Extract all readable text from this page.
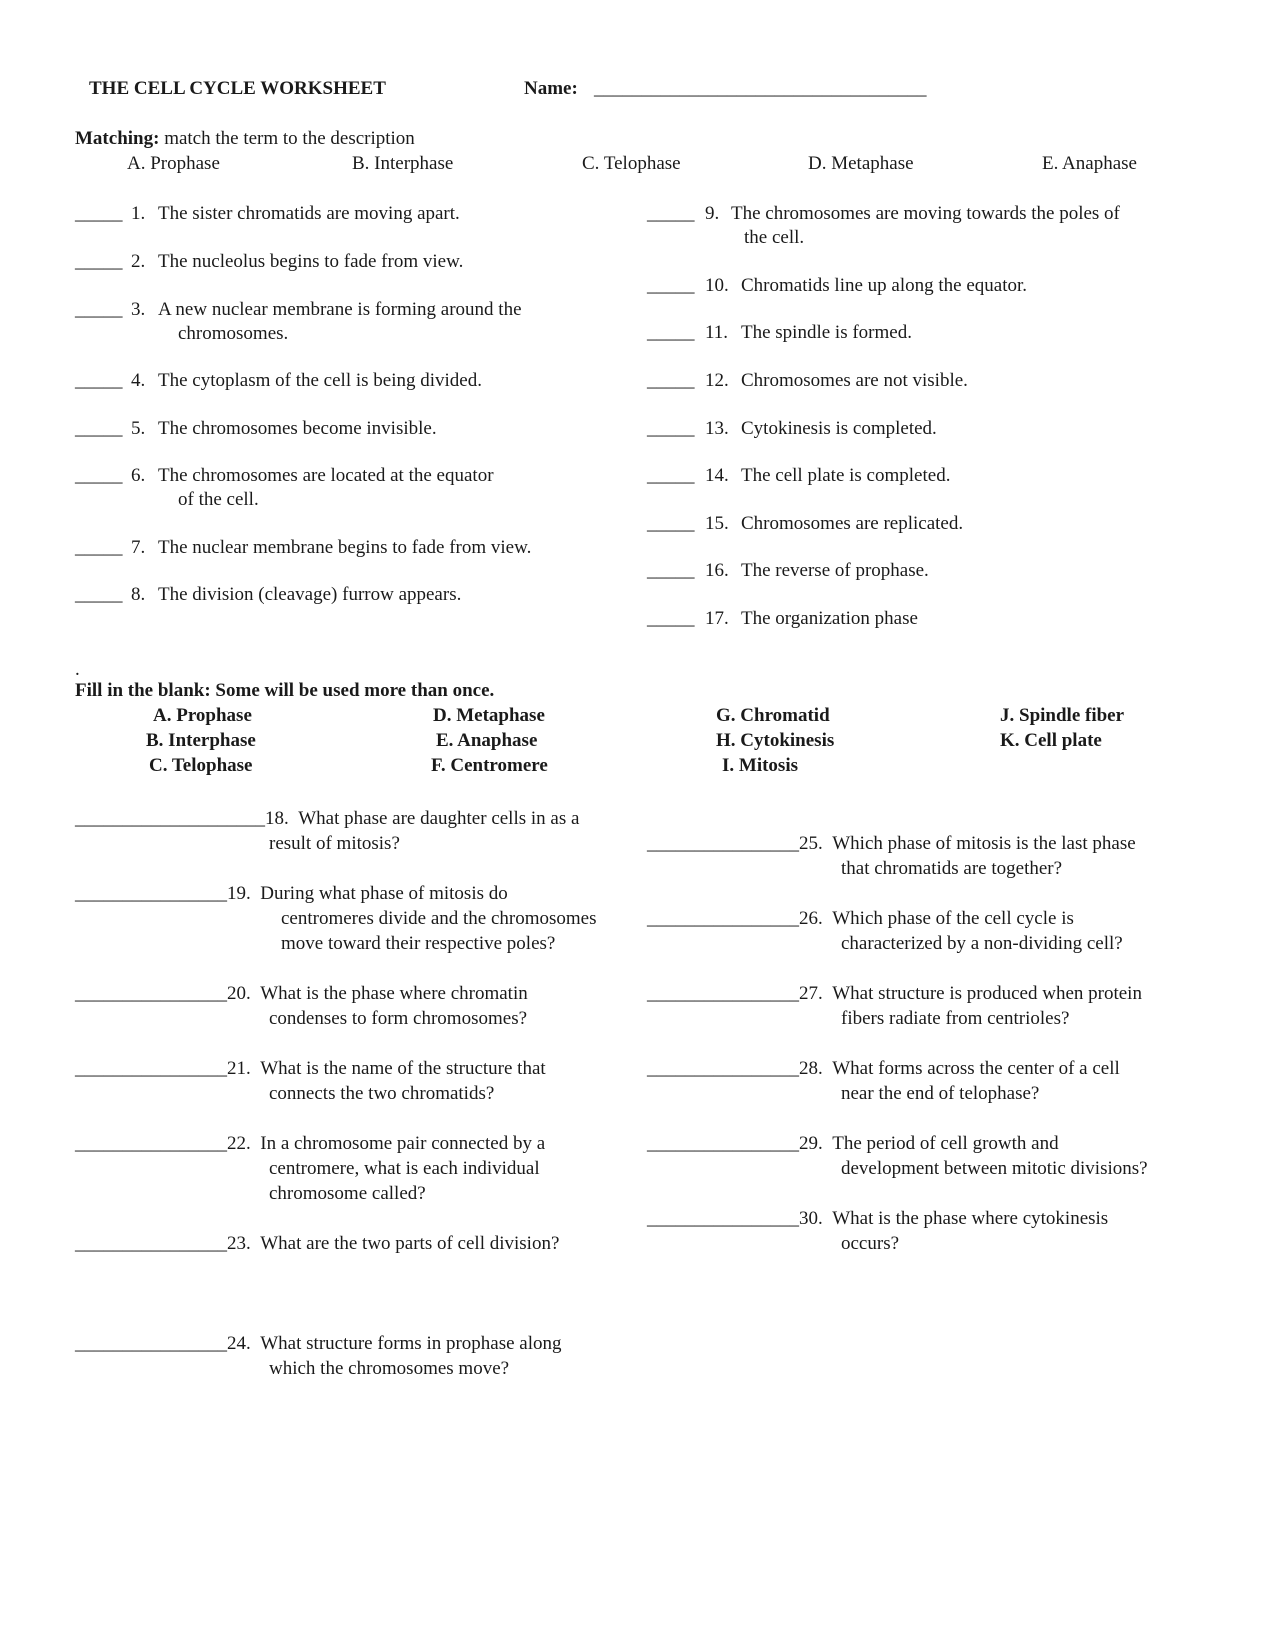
THE CELL CYCLE WORKSHEET	Name: ___________________________________
Matching: match the term to the description
A. Prophase	B. Interphase	C. Telophase	D. Metaphase	E. Anaphase
_____ 1. The sister chromatids are moving apart.
_____ 2. The nucleolus begins to fade from view.
_____ 3. A new nuclear membrane is forming around the
chromosomes.
_____ 4. The cytoplasm of the cell is being divided.
_____ 5. The chromosomes become invisible.
_____ 6. The chromosomes are located at the equator
of the cell.
_____ 7. The nuclear membrane begins to fade from view.
_____ 8. The division (cleavage) furrow appears.
_____ 9. The chromosomes are moving towards the poles of
the cell.
_____ 10. Chromatids line up along the equator.
_____ 11. The spindle is formed.
_____ 12. Chromosomes are not visible.
_____ 13. Cytokinesis is completed.
_____ 14. The cell plate is completed.
_____ 15. Chromosomes are replicated.
_____ 16. The reverse of prophase.
_____ 17. The organization phase
.
Fill in the blank: Some will be used more than once.
A. Prophase
B. Interphase
C. Telophase
D. Metaphase
E. Anaphase
F. Centromere
G. Chromatid
H. Cytokinesis
I. Mitosis
J. Spindle fiber
K. Cell plate
____________________18. What phase are daughter cells in as a
result of mitosis?
________________19. During what phase of mitosis do
centromeres divide and the chromosomes
move toward their respective poles?
________________20. What is the phase where chromatin
condenses to form chromosomes?
________________21. What is the name of the structure that
connects the two chromatids?
________________22. In a chromosome pair connected by a
centromere, what is each individual
chromosome called?
________________23. What are the two parts of cell division?
________________24. What structure forms in prophase along
which the chromosomes move?
________________25. Which phase of mitosis is the last phase
that chromatids are together?
________________26. Which phase of the cell cycle is
characterized by a non-dividing cell?
________________27. What structure is produced when protein
fibers radiate from centrioles?
________________28. What forms across the center of a cell
near the end of telophase?
________________29. The period of cell growth and
development between mitotic divisions?
________________30. What is the phase where cytokinesis
occurs?
